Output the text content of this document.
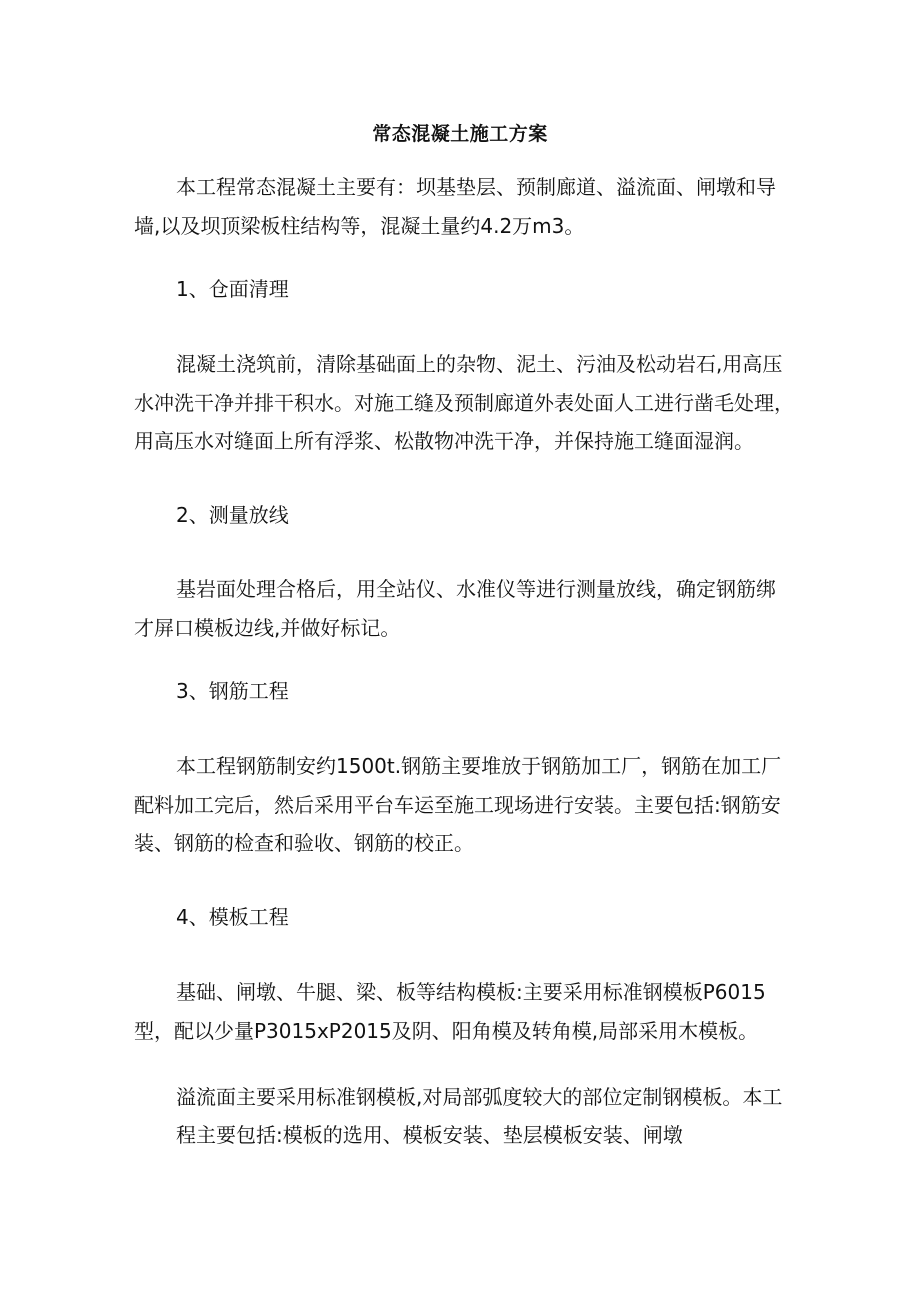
常态混凝土施工方案

本工程常态混凝土主要有：坝基垫层、预制廊道、溢流面、闸墩和导墙,以及坝顶梁板柱结构等，混凝土量约4.2万m3。

1、仓面清理

混凝土浇筑前，清除基础面上的杂物、泥土、污油及松动岩石,用高压水冲洗干净并排干积水。对施工缝及预制廊道外表处面人工进行凿毛处理，用高压水对缝面上所有浮浆、松散物冲洗干净，并保持施工缝面湿润。

2、测量放线

基岩面处理合格后，用全站仪、水准仪等进行测量放线，确定钢筋绑才屏口模板边线,并做好标记。

3、钢筋工程

本工程钢筋制安约1500t.钢筋主要堆放于钢筋加工厂，钢筋在加工厂配料加工完后，然后采用平台车运至施工现场进行安装。主要包括:钢筋安装、钢筋的检查和验收、钢筋的校正。

4、模板工程

基础、闸墩、牛腿、梁、板等结构模板:主要采用标准钢模板P6015型，配以少量P3015xP2015及阴、阳角模及转角模,局部采用木模板。

溢流面主要采用标准钢模板,对局部弧度较大的部位定制钢模板。本工程主要包括:模板的选用、模板安装、垫层模板安装、闸墩
